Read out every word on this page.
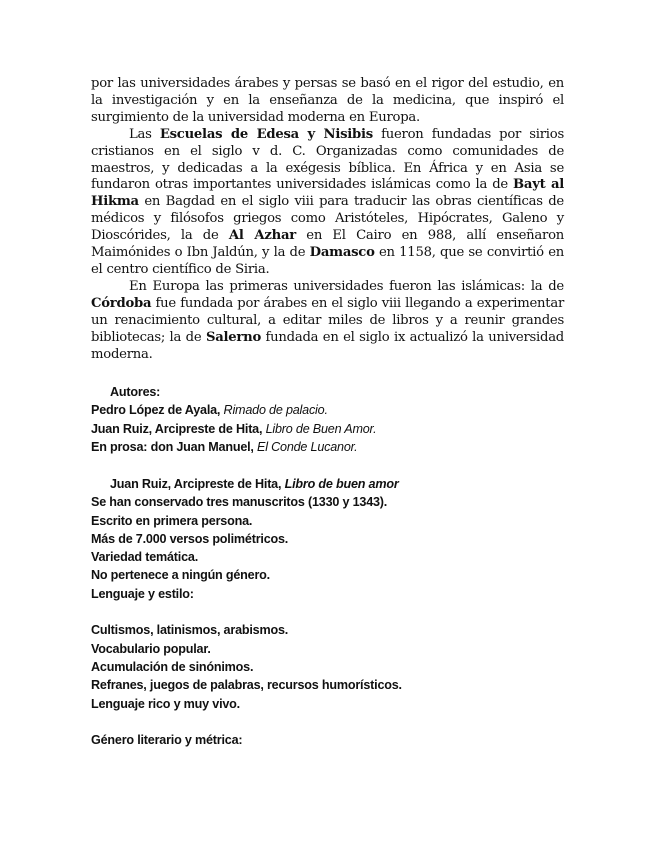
por las universidades árabes y persas se basó en el rigor del estudio, en la investigación y en la enseñanza de la medicina, que inspiró el surgimiento de la universidad moderna en Europa.

Las Escuelas de Edesa y Nisibis fueron fundadas por sirios cristianos en el siglo v d. C. Organizadas como comunidades de maestros, y dedicadas a la exégesis bíblica. En África y en Asia se fundaron otras importantes universidades islámicas como la de Bayt al Hikma en Bagdad en el siglo viii para traducir las obras científicas de médicos y filósofos griegos como Aristóteles, Hipócrates, Galeno y Dioscórides, la de Al Azhar en El Cairo en 988, allí enseñaron Maimónides o Ibn Jaldún, y la de Damasco en 1158, que se convirtió en el centro científico de Siria.

En Europa las primeras universidades fueron las islámicas: la de Córdoba fue fundada por árabes en el siglo viii llegando a experimentar un renacimiento cultural, a editar miles de libros y a reunir grandes bibliotecas; la de Salerno fundada en el siglo ix actualizó la universidad moderna.

Autores:
Pedro López de Ayala, Rimado de palacio.
Juan Ruiz, Arcipreste de Hita, Libro de Buen Amor.
En prosa: don Juan Manuel, El Conde Lucanor.
Juan Ruiz, Arcipreste de Hita, Libro de buen amor
Se han conservado tres manuscritos (1330 y 1343).
Escrito en primera persona.
Más de 7.000 versos polimétricos.
Variedad temática.
No pertenece a ningún género.
Lenguaje y estilo:
Cultismos, latinismos, arabismos.
Vocabulario popular.
Acumulación de sinónimos.
Refranes, juegos de palabras, recursos humorísticos.
Lenguaje rico y muy vivo.
Género literario y métrica:
